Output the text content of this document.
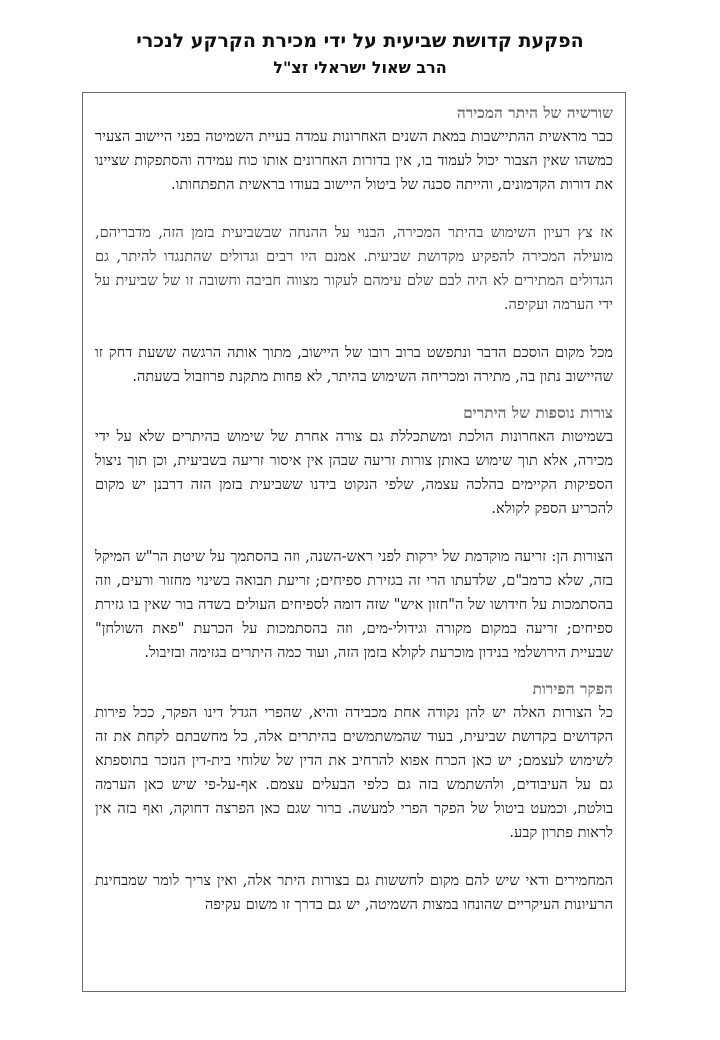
הפקעת קדושת שביעית על ידי מכירת הקרקע לנכרי
הרב שאול ישראלי זצ"ל
שורשיה של היתר המכירה

כבר מראשית ההתיישבות במאת השנים האחרונות עמדה בעיית השמיטה בפני היישוב הצעיר כמשהו שאין הצבור יכול לעמוד בו, אין בדורות האחרונים אותו כוח עמידה והסתפקות שציינו את דורות הקדמונים, והייתה סכנה של ביטול היישוב בעודו בראשית התפתחותו.

אז צץ רעיון השימוש בהיתר המכירה, הבנוי על ההנחה שבשביעית בזמן הזה, מדבריהם, מועילה המכירה להפקיע מקדושת שביעית. אמנם היו רבים וגדולים שהתנגדו להיתר, גם הגדולים המתירים לא היה לבם שלם עימהם לעקור מצווה חביבה וחשובה זו של שביעית על ידי הערמה ועקיפה.

מכל מקום הוסכם הדבר ונתפשט ברוב רובו של היישוב, מתוך אותה הרגשה ששעת דחק זו שהיישוב נתון בה, מתירה ומכריחה השימוש בהיתר, לא פחות מתקנת פרוזבול בשעתה.

צורות נוספות של היתרים

בשמיטות האחרונות הולכת ומשתכללת גם צורה אחרת של שימוש בהיתרים שלא על ידי מכירה, אלא תוך שימוש באותן צורות זריעה שבהן אין איסור זריעה בשביעית, וכן תוך ניצול הספיקות הקיימים בהלכה עצמה, שלפי הנקוט בידנו ששביעית בזמן הזה דרבנן יש מקום להכריע הספק לקולא.

הצורות הן: זריעה מוקדמת של ירקות לפני ראש-השנה, וזה בהסתמך על שיטת הר"ש המיקל בזה, שלא כרמב"ם, שלדעתו הרי זה בגזירת ספיחים; זריעת תבואה בשינוי מחזור ורעים, וזה בהסתמכות על חידושו של ה"חזון איש" שזה דומה לספיחים העולים בשדה בור שאין בו גזירת ספיחים; זריעה במקום מקורה וגידולי-מים, וזה בהסתמכות על הכרעת "פאת השולחן" שבעיית הירושלמי בנידון מוכרעת לקולא בזמן הזה, ועוד כמה היתרים בגזימה ובזיבול.

הפקר הפירות

כל הצורות האלה יש להן נקודה אחת מכבידה והיא, שהפרי הגדל דינו הפקר, ככל פירות הקדושים בקדושת שביעית, בעוד שהמשתמשים בהיתרים אלה, כל מחשבתם לקחת את זה לשימוש לעצמם; יש כאן הכרח אפוא להרחיב את הדין של שלוחי בית-דין הנזכר בתוספתא גם על העיבודים, ולהשתמש בזה גם כלפי הבעלים עצמם. אף-על-פי שיש כאן הערמה בולטת, וכמעט ביטול של הפקר הפרי למעשה. ברור שגם כאן הפרצה דחוקה, ואף בזה אין לראות פתרון קבע.

המחמירים ודאי שיש להם מקום לחששות גם בצורות היתר אלה, ואין צריך לומר שמבחינת הרעיונות העיקריים שהונחו במצות השמיטה, יש גם בדרך זו משום עקיפה
